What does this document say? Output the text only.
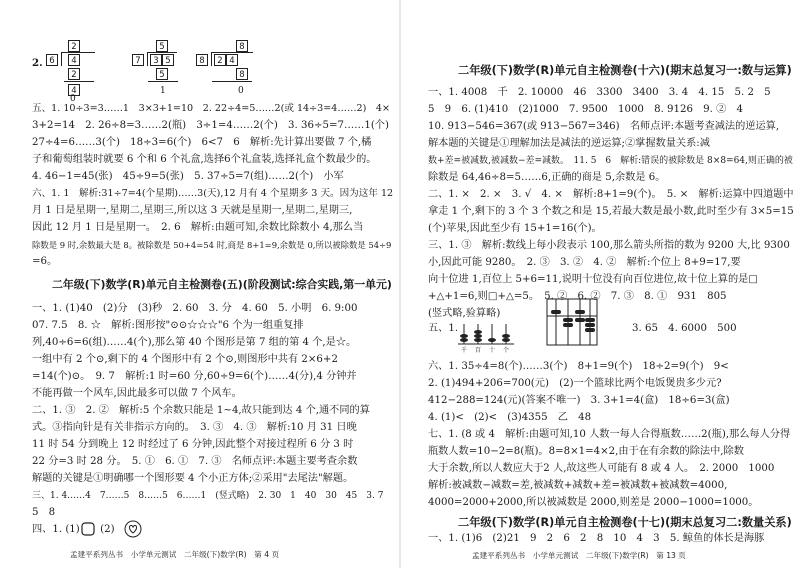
2. 6
2
4
2
4
0
7
5
3 5
5
1
8
8
2 4
8
0
五、1. 10÷3=3……1　3×3+1=10　2. 22÷4=5……2(或 14÷3=4……2)　4×
3+2=14　2. 26÷8=3……2(瓶)　3÷1=4……2(个)　3. 36÷5=7……1(个)
27÷4=6……3(个)　18÷3=6(个)　6<7　6　解析:先计算出要做 7 个,橘
子和葡萄组装时就要 6 个和 6 个礼盒,选择6个礼盒装,选择礼盒个数最少的。
4. 46−1=45(张)　45÷9=5(张)　5. 37÷5=7(组)……2(个)　小军
六、1. 1　解析:31÷7=4(个星期)……3(天),12 月有 4 个星期多 3 天。因为这年 12
月 1 日是星期一,星期二,星期三,所以这 3 天就是星期一,星期二,星期三,
因此 12 月 1 日是星期一。　2. 6　解析:由题可知,余数比除数小 4,那么当
除数是 9 时,余数最大是 8。被除数是 50+4=54 时,商是 8+1=9,余数是 0,所以被除数是 54÷9
=6。
二年级(下)数学(R)单元自主检测卷(五)(阶段测试:综合实践,第一单元)
一、1. (1)40　(2)分　(3)秒　2. 60　3. 分　4. 60　5. 小明　6. 9:00
07. 7.5　8. ☆　解析:图形按"⊙⊙☆☆☆"6 个为一组重复排
列,40÷6=6(组)……4(个),那么第 40 个图形是第 7 组的第 4 个,是☆。
一组中有 2 个⊙,剩下的 4 个图形中有 2 个⊙,则图形中共有 2×6+2
=14(个)⊙。　9. 7　解析:1 时=60 分,60÷9=6(个)……4(分),4 分钟并
不能再做一个风车,因此最多可以做 7 个风车。
二、1. ③　2. ②　解析:5 个余数只能是 1~4,故只能到达 4 个,通不同的算
式。③指向针是有关非指示方向的。　3. ③　4. ③　解析:10 月 31 日晚
11 时 54 分到晚上 12 时经过了 6 分钟,因此整个对接过程所 6 分 3 时
22 分=3 时 28 分。　5. ①　6. ①　7. ③　名师点评:本题主要考查余数
解题的关键是①明确哪一个图形要 4 个小正方体;②采用"去尾法"解题。
三、1. 4……4　7……5　8……5　6……1　(竖式略)　2. 30　1　40　30　45　3. 7
5　8
四、1. (1)　　(2)
孟建平系列丛书　小学单元测试　二年级(下)数学(R)　第 4 页
二年级(下)数学(R)单元自主检测卷(十六)(期末总复习一:数与运算)
一、1. 4008　千　2. 10000　46　3300　3400　3. 4　4. 15　5. 2　5
5　9　6. (1)410　(2)1000　7. 9500　1000　8. 9126　9. ②　4
10. 913−546=367(或 913−567=346)　名师点评:本题考查减法的逆运算,
解本题的关键是①理解加法是减法的逆运算;②掌握数量关系:减
数+差=被减数,被减数−差=减数。　11. 5　6　解析:错误的被除数是 8×8=64,则正确的被
除数是 64,46÷8=5……6,正确的商是 5,余数是 6。
二、1. ×　2. ×　3. √　4. ×　解析:8+1=9(个)。　5. ×　解析:运算中四道题中
拿走 1 个,剩下的 3 个 3 个数之和是 15,若最大数是最小数,此时至少有 3×5=15
(个)苹果,因此至少有 15+1=16(个)。
三、1. ③　解析:数线上每小段表示 100,那么箭头所指的数为 9200 大,比 9300
小,因此可能 9280。　2. ③　3. ②　4. ②　解析:个位上 8+9=17,要
向十位进 1,百位上 5+6=11,说明十位没有向百位进位,故十位上算的是□
+△+1=6,则□+△=5。　5. ②　6. ②　7. ③　8. ①　931　805
(竖式略,验算略)
五、1.
千 百 十 个
3. 65　4. 6000　500
六、1. 35÷4=8(个)……3(个)　8+1=9(个)　18÷2=9(个)　9<
2. (1)494+206=700(元)　(2)一个篮球比两个电饭煲贵多少元?
412−288=124(元)(答案不唯一)　3. 3+1=4(盒)　18÷6=3(盒)
4. (1)<　(2)<　(3)4355　乙　48
七、1. (8 或 4　解析:由题可知,10 人数一每人合得瓶数……2(瓶),那么每人分得
瓶数人数=10−2=8(瓶)。8=8×1=4×2,由于在有余数的除法中,除数
大于余数,所以人数应大于2 人,故这些人可能有 8 或 4 人。　2. 2000　1000
解析:被减数−减数=差,被减数+减数+差=被减数+被减数=4000,
4000=2000+2000,所以被减数是 2000,则差是 2000−1000=1000。
二年级(下)数学(R)单元自主检测卷(十七)(期末总复习二:数量关系)
一、1. (1)6　(2)21　9　2　6　2　8　10　4　3　5. 鲸鱼的体长是海豚
孟建平系列丛书　小学单元测试　二年级(下)数学(R)　第 13 页
